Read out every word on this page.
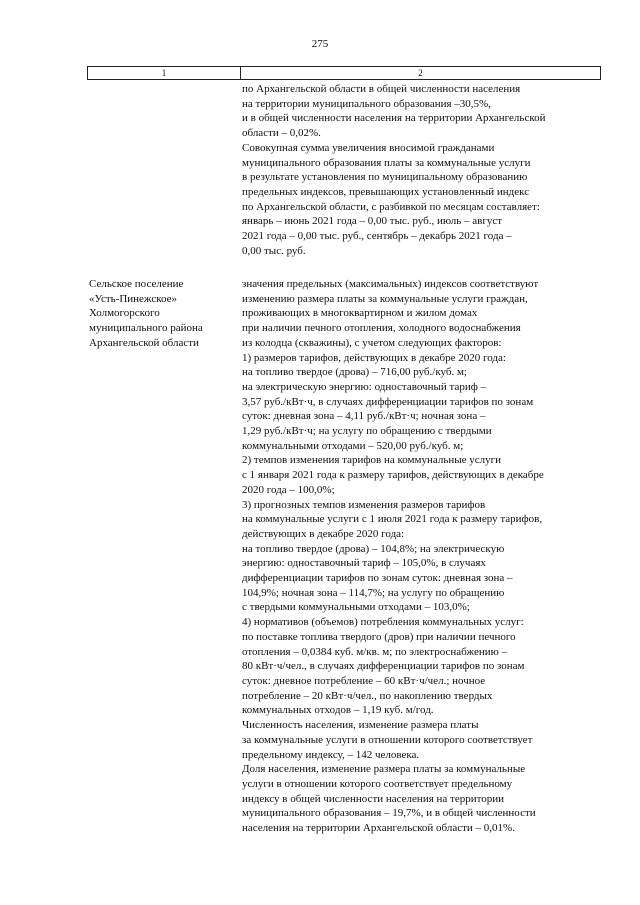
275
1	2
по Архангельской области в общей численности населения
на территории муниципального образования –30,5%,
и в общей численности населения на территории Архангельской
области – 0,02%.
Совокупная сумма увеличения вносимой гражданами
муниципального образования платы за коммунальные услуги
в результате установления по муниципальному образованию
предельных индексов, превышающих установленный индекс
по Архангельской области, с разбивкой по месяцам составляет:
январь – июнь 2021 года – 0,00 тыс. руб., июль – август
2021 года – 0,00 тыс. руб., сентябрь – декабрь 2021 года –
0,00 тыс. руб.
Сельское поселение
«Усть-Пинежское»
Холмогорского
муниципального района
Архангельской области
значения предельных (максимальных) индексов соответствуют
изменению размера платы за коммунальные услуги граждан,
проживающих в многоквартирном и жилом домах
при наличии печного отопления, холодного водоснабжения
из колодца (скважины), с учетом следующих факторов:
1) размеров тарифов, действующих в декабре 2020 года:
на топливо твердое (дрова) – 716,00 руб./куб. м;
на электрическую энергию: одноставочный тариф –
3,57 руб./кВт·ч, в случаях дифференциации тарифов по зонам
суток: дневная зона – 4,11 руб./кВт·ч; ночная зона –
1,29 руб./кВт·ч; на услугу по обращению с твердыми
коммунальными отходами – 520,00 руб./куб. м;
2) темпов изменения тарифов на коммунальные услуги
с 1 января 2021 года к размеру тарифов, действующих в декабре
2020 года – 100,0%;
3) прогнозных темпов изменения размеров тарифов
на коммунальные услуги с 1 июля 2021 года к размеру тарифов,
действующих в декабре 2020 года:
на топливо твердое (дрова) – 104,8%; на электрическую
энергию: одноставочный тариф – 105,0%, в случаях
дифференциации тарифов по зонам суток: дневная зона –
104,9%; ночная зона – 114,7%; на услугу по обращению
с твердыми коммунальными отходами – 103,0%;
4) нормативов (объемов) потребления коммунальных услуг:
по поставке топлива твердого (дров) при наличии печного
отопления – 0,0384 куб. м/кв. м; по электроснабжению –
80 кВт·ч/чел., в случаях дифференциации тарифов по зонам
суток: дневное потребление – 60 кВт·ч/чел.; ночное
потребление – 20 кВт·ч/чел., по накоплению твердых
коммунальных отходов – 1,19 куб. м/год.
Численность населения, изменение размера платы
за коммунальные услуги в отношении которого соответствует
предельному индексу, – 142 человека.
Доля населения, изменение размера платы за коммунальные
услуги в отношении которого соответствует предельному
индексу в общей численности населения на территории
муниципального образования – 19,7%, и в общей численности
населения на территории Архангельской области – 0,01%.
